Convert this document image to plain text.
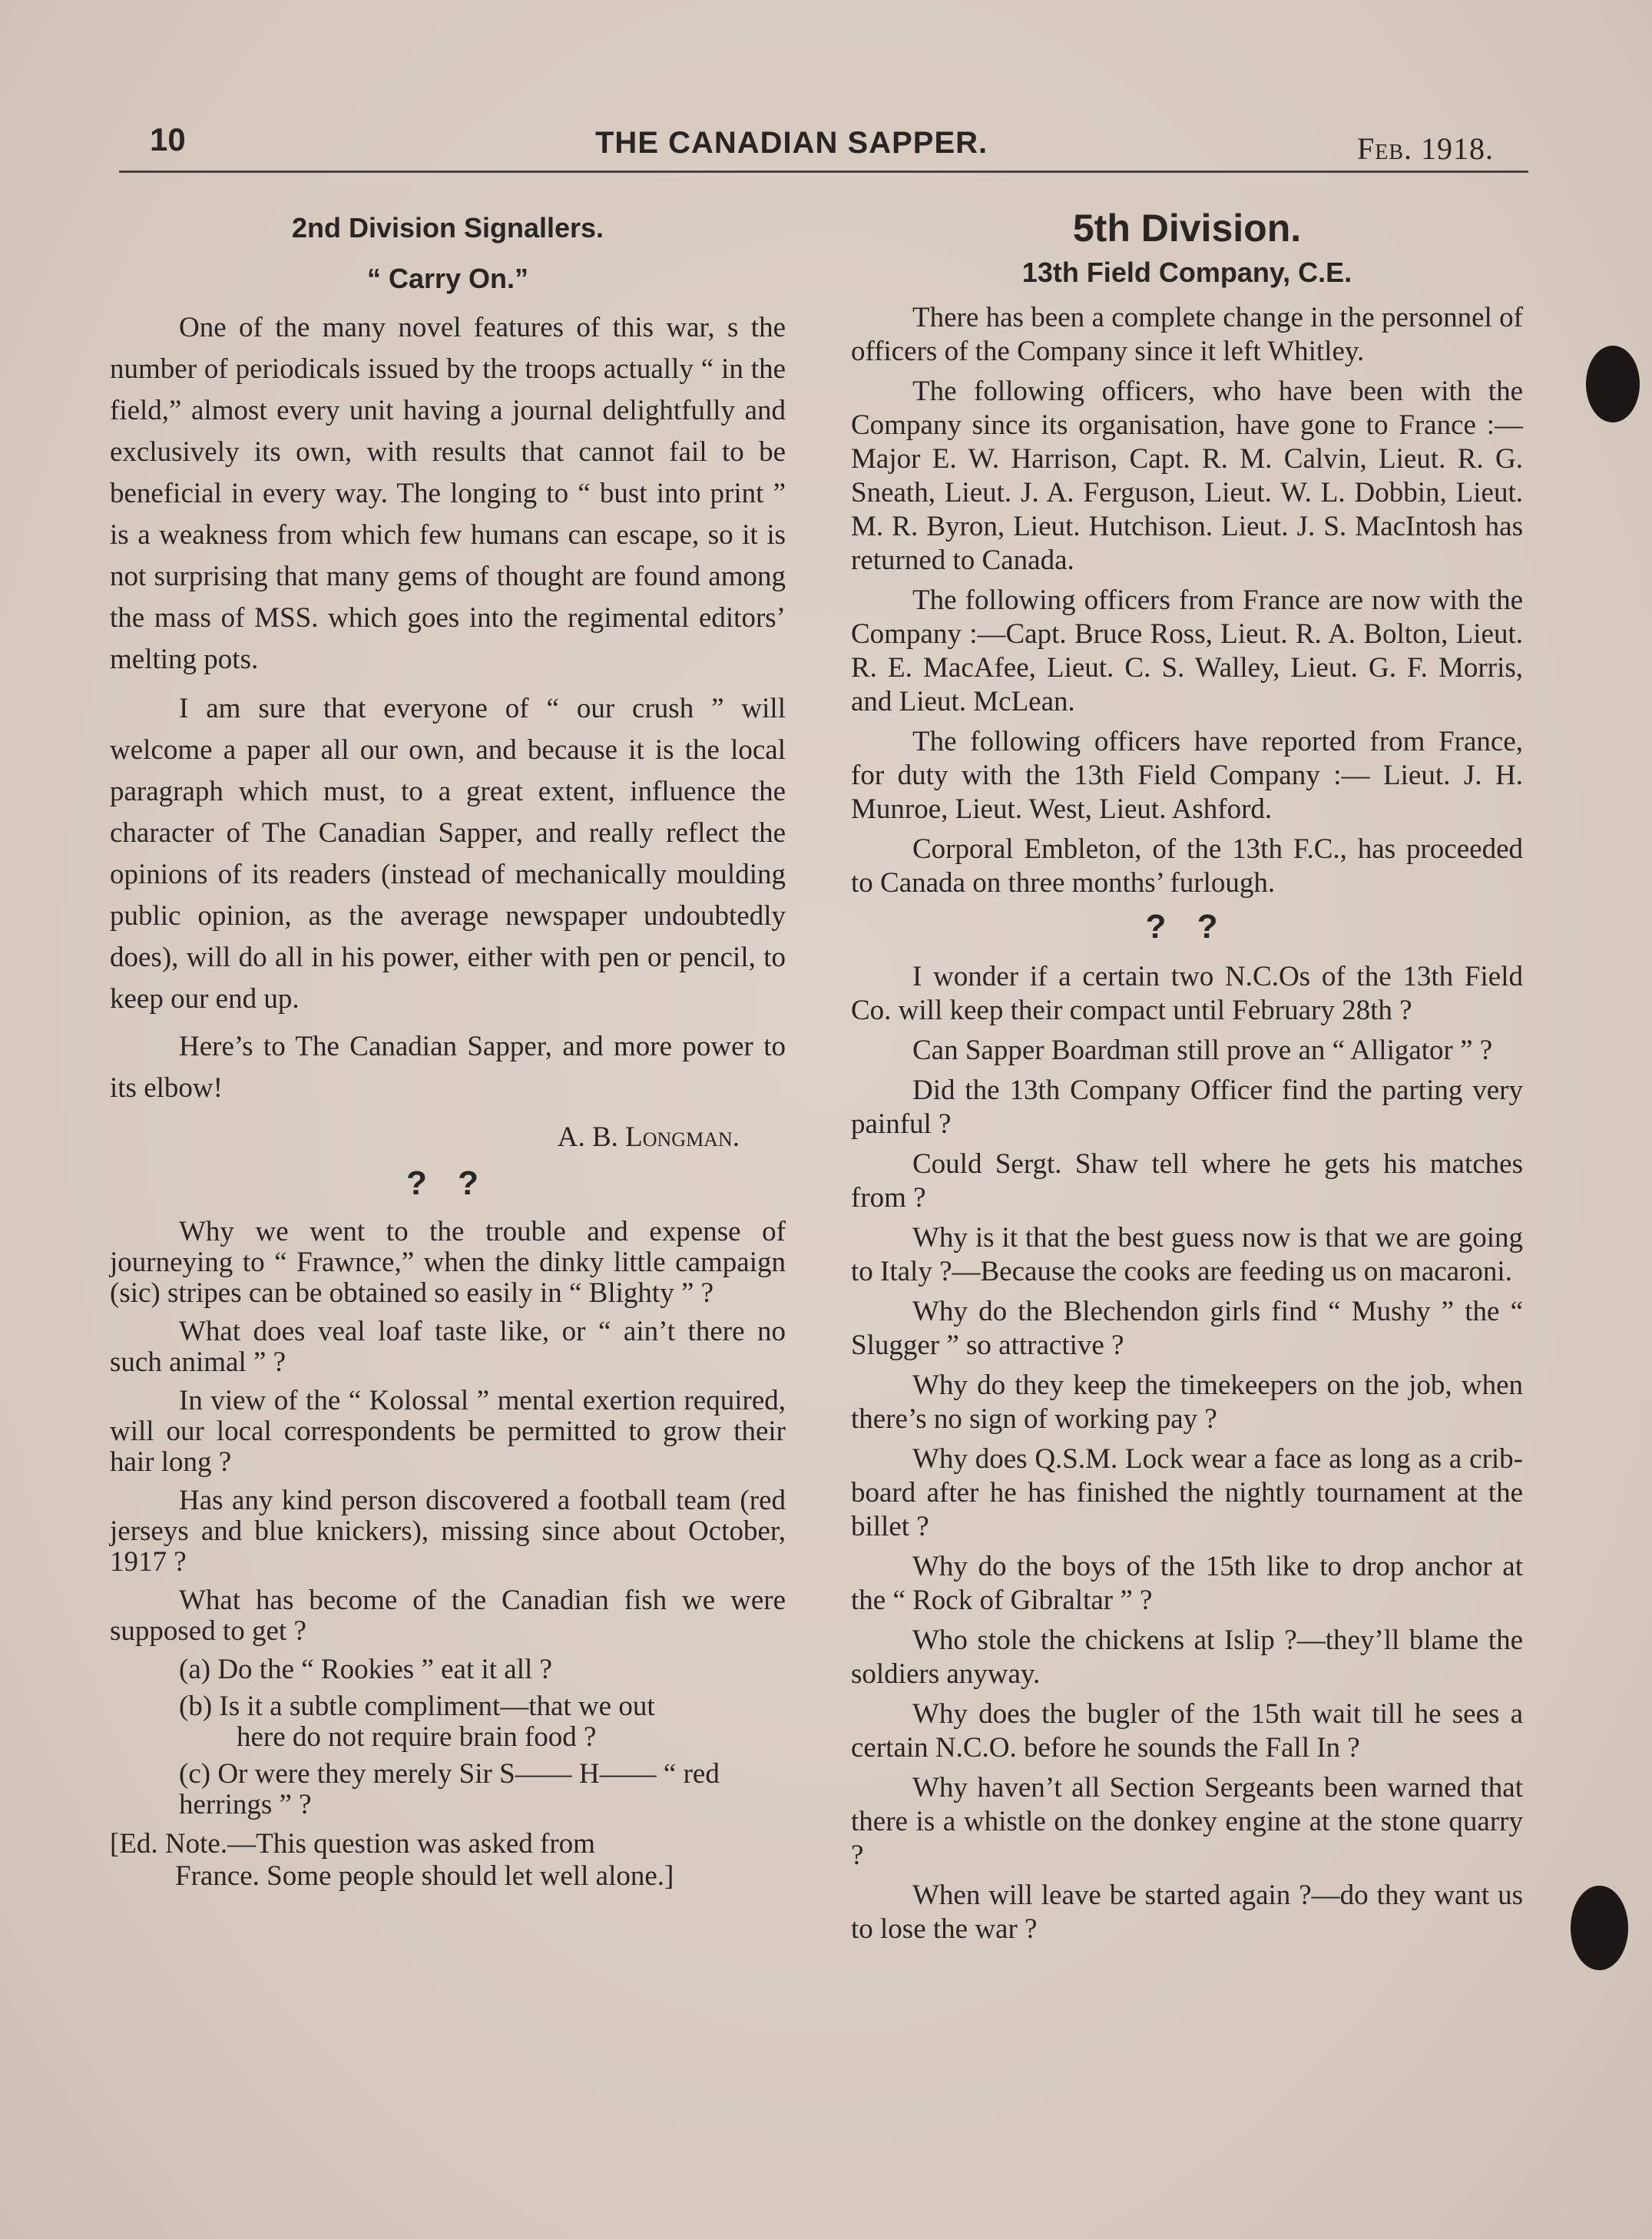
10	THE CANADIAN SAPPER.	Feb. 1918.
2nd Division Signallers.
“ Carry On.”

One of the many novel features of this war, s the number of periodicals issued by the troops actually “ in the field,” almost every unit having a journal delightfully and exclusively its own, with results that cannot fail to be beneficial in every way. The longing to “ bust into print ” is a weakness from which few humans can escape, so it is not surprising that many gems of thought are found among the mass of MSS. which goes into the regimental editors’ melting pots.

I am sure that everyone of “ our crush ” will welcome a paper all our own, and because it is the local paragraph which must, to a great extent, influence the character of The Canadian Sapper, and really reflect the opinions of its readers (instead of mechanically moulding public opinion, as the average newspaper undoubtedly does), will do all in his power, either with pen or pencil, to keep our end up.

Here’s to The Canadian Sapper, and more power to its elbow!

A. B. Longman.
? ?

Why we went to the trouble and expense of journeying to “ Frawnce,” when the dinky little campaign (sic) stripes can be obtained so easily in “ Blighty ” ?

What does veal loaf taste like, or “ ain’t there no such animal ” ?

In view of the “ Kolossal ” mental exertion required, will our local correspondents be permitted to grow their hair long ?

Has any kind person discovered a football team (red jerseys and blue knickers), missing since about October, 1917 ?

What has become of the Canadian fish we were supposed to get ?

(a) Do the “ Rookies ” eat it all ?
(b) Is it a subtle compliment—that we out
here do not require brain food ?
(c) Or were they merely Sir S—— H—— “ red herrings ” ?
[Ed. Note.—This question was asked from
France. Some people should let well alone.]
5th Division.
13th Field Company, C.E.

There has been a complete change in the personnel of officers of the Company since it left Whitley.

The following officers, who have been with the Company since its organisation, have gone to France :—Major E. W. Harrison, Capt. R. M. Calvin, Lieut. R. G. Sneath, Lieut. J. A. Ferguson, Lieut. W. L. Dobbin, Lieut. M. R. Byron, Lieut. Hutchison. Lieut. J. S. MacIntosh has returned to Canada.

The following officers from France are now with the Company :—Capt. Bruce Ross, Lieut. R. A. Bolton, Lieut. R. E. MacAfee, Lieut. C. S. Walley, Lieut. G. F. Morris, and Lieut. McLean.

The following officers have reported from France, for duty with the 13th Field Company :— Lieut. J. H. Munroe, Lieut. West, Lieut. Ashford.

Corporal Embleton, of the 13th F.C., has proceeded to Canada on three months’ furlough.

? ?

I wonder if a certain two N.C.Os of the 13th Field Co. will keep their compact until February 28th ?

Can Sapper Boardman still prove an “ Alligator ” ?

Did the 13th Company Officer find the parting very painful ?

Could Sergt. Shaw tell where he gets his matches from ?

Why is it that the best guess now is that we are going to Italy ?—Because the cooks are feeding us on macaroni.

Why do the Blechendon girls find “ Mushy ” the “ Slugger ” so attractive ?

Why do they keep the timekeepers on the job, when there’s no sign of working pay ?

Why does Q.S.M. Lock wear a face as long as a crib-board after he has finished the nightly tournament at the billet ?

Why do the boys of the 15th like to drop anchor at the “ Rock of Gibraltar ” ?

Who stole the chickens at Islip ?—they’ll blame the soldiers anyway.

Why does the bugler of the 15th wait till he sees a certain N.C.O. before he sounds the Fall In ?

Why haven’t all Section Sergeants been warned that there is a whistle on the donkey engine at the stone quarry ?

When will leave be started again ?—do they want us to lose the war ?
